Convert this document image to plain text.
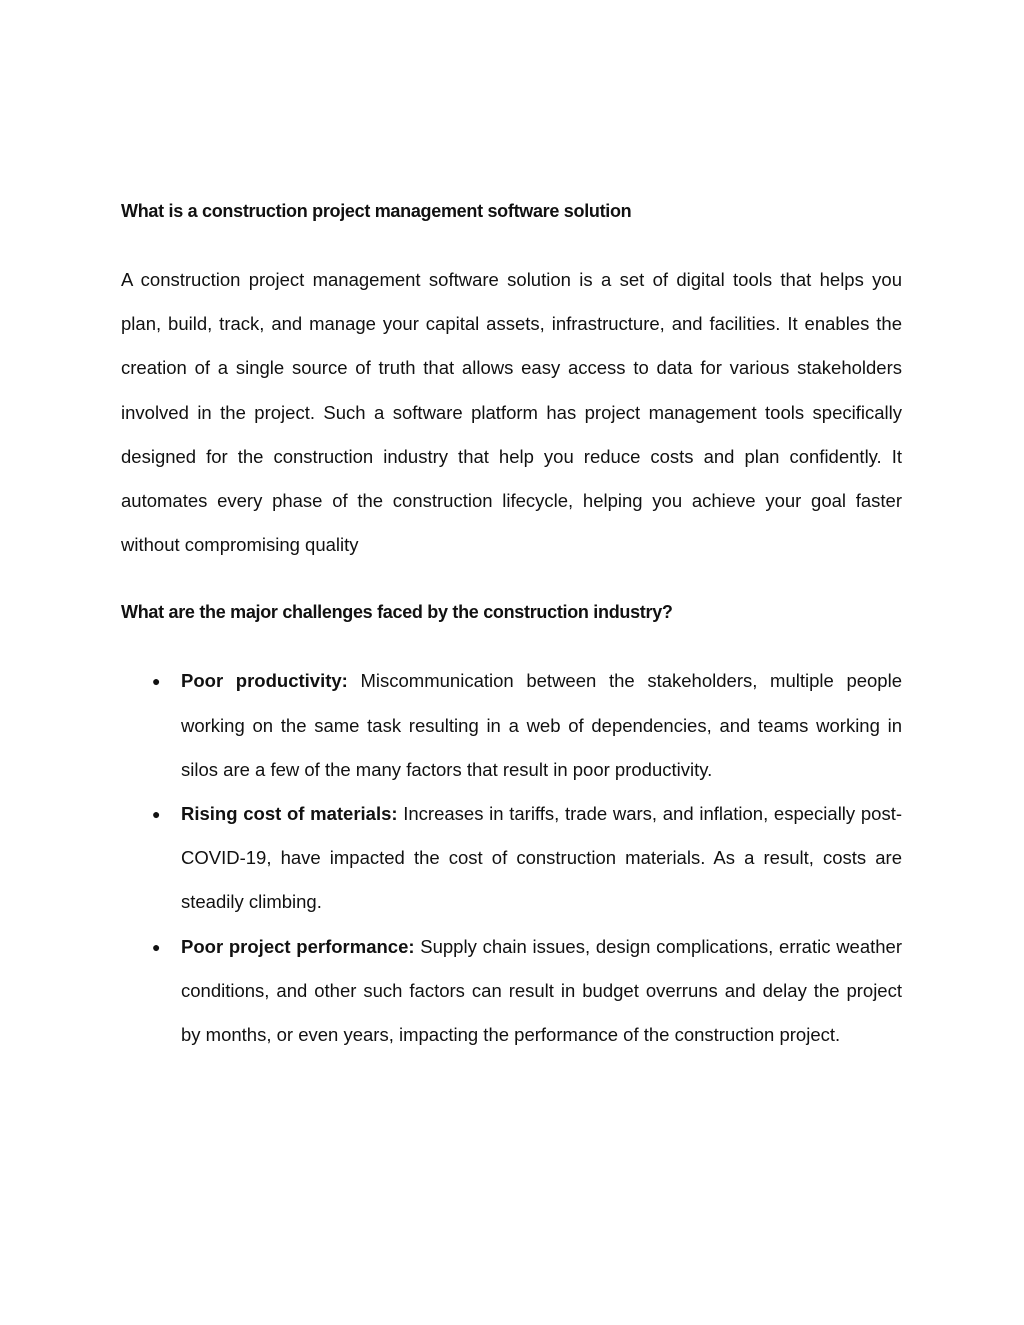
What is a construction project management software solution

A construction project management software solution is a set of digital tools that helps you plan, build, track, and manage your capital assets, infrastructure, and facilities. It enables the creation of a single source of truth that allows easy access to data for various stakeholders involved in the project. Such a software platform has project management tools specifically designed for the construction industry that help you reduce costs and plan confidently. It automates every phase of the construction lifecycle, helping you achieve your goal faster without compromising quality

What are the major challenges faced by the construction industry?
● Poor productivity: Miscommunication between the stakeholders, multiple people working on the same task resulting in a web of dependencies, and teams working in silos are a few of the many factors that result in poor productivity.
● Rising cost of materials: Increases in tariffs, trade wars, and inflation, especially post-COVID-19, have impacted the cost of construction materials. As a result, costs are steadily climbing.
● Poor project performance: Supply chain issues, design complications, erratic weather conditions, and other such factors can result in budget overruns and delay the project by months, or even years, impacting the performance of the construction project.
